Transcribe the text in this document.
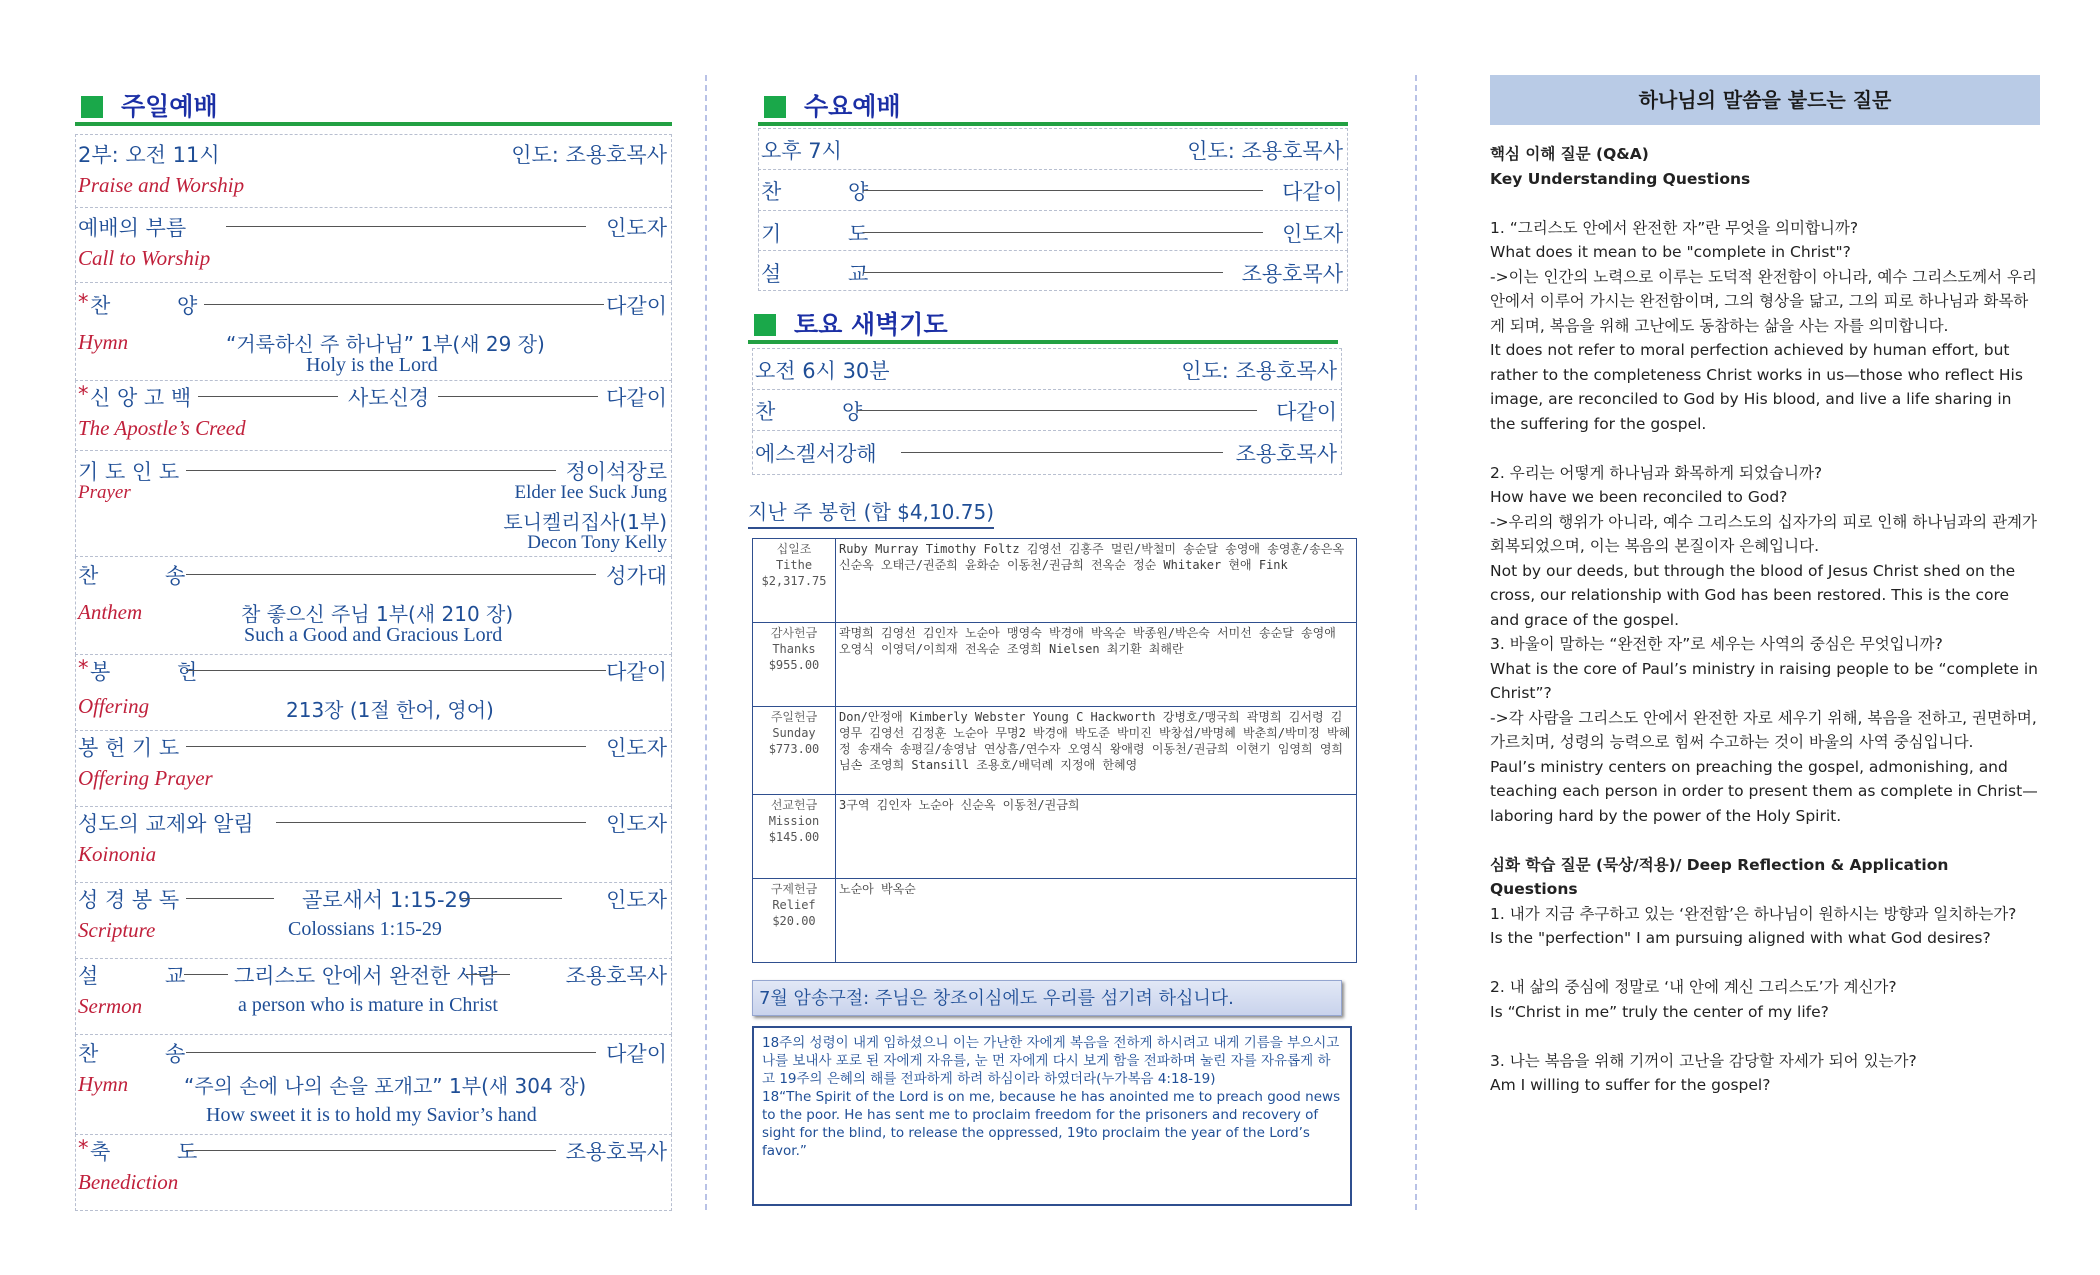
주일예배
2부: 오전 11시	인도: 조용호목사
Praise and Worship
예배의 부름	인도자
Call to Worship
* 찬          양	다같이
Hymn	“거룩하신 주 하나님” 1부(새 29 장)
Holy is the Lord
* 신 앙 고 백	사도신경	다같이
The Apostle’s Creed
기 도 인 도	정이석장로
Prayer	Elder Iee Suck Jung
토니켈리집사(1부)
Decon Tony Kelly
찬          송	성가대
Anthem	참 좋으신 주님 1부(새 210 장)
Such a Good and Gracious Lord
* 봉          헌	다같이
Offering	213장 (1절 한어, 영어)
봉 헌 기 도	인도자
Offering Prayer
성도의 교제와 알림	인도자
Koinonia
성 경 봉 독	골로새서 1:15-29	인도자
Scripture	Colossians 1:15-29
설          교 그리스도 안에서 완전한 사람	조용호목사
Sermon	a person who is mature in Christ
찬          송	다같이
Hymn	“주의 손에 나의 손을 포개고” 1부(새 304 장)
How sweet it is to hold my Savior’s hand
* 축          도	조용호목사
Benediction
수요예배
오후 7시	인도: 조용호목사
찬          양	다같이
기          도	인도자
설          교	조용호목사
토요 새벽기도
오전 6시 30분	인도: 조용호목사
찬          양	다같이
에스겔서강해	조용호목사
지난 주 봉헌 (합 $4,10.75)
십일조
Tithe
$2,317.75	Ruby Murray Timothy Foltz 김영선 김홍주 멀린/박철미 송순달 송영애 송영훈/송은옥 신순옥 오태근/권준희 윤화순 이동천/권금희 전옥순 정순 Whitaker 현애 Fink

감사헌금
Thanks
$955.00	곽명희 김영선 김인자 노순아 맹영숙 박경애 박옥순 박종원/박은숙 서미선 송순달 송영애 오영식 이영덕/이희재 전옥순 조영희 Nielsen 최기환 최해란

주일헌금
Sunday
$773.00	Don/안정애 Kimberly Webster Young C Hackworth 강병호/맹국희 곽명희 김서령 김영무 김영선 김정훈 노순아 무명2 박경애 박도준 박미진 박창섭/박명혜 박춘희/박미정 박혜정 송재숙 송평길/송영남 연상흠/연수자 오영식 왕애령 이동천/권금희 이현기 임영희 영희님손 조영희 Stansill 조용호/배덕례 지정애 한혜영

선교헌금
Mission
$145.00	3구역 김인자 노순아 신순옥 이동천/권금희

구제헌금
Relief
$20.00	노순아 박옥순
7월 암송구절: 주님은 창조이심에도 우리를 섬기려 하십니다.
18주의 성령이 내게 임하셨으니 이는 가난한 자에게 복음을 전하게 하시려고 내게 기름을 부으시고 나를 보내사 포로 된 자에게 자유를, 눈 먼 자에게 다시 보게 함을 전파하며 눌린 자를 자유롭게 하고 19주의 은혜의 해를 전파하게 하려 하심이라 하였더라(누가복음 4:18-19)
18“The Spirit of the Lord is on me, because he has anointed me to preach good news to the poor. He has sent me to proclaim freedom for the prisoners and recovery of sight for the blind, to release the oppressed, 19to proclaim the year of the Lord’s favor.”
하나님의 말씀을 붙드는 질문

핵심 이해 질문 (Q&A)

Key Understanding Questions

1. “그리스도 안에서 완전한 자”란 무엇을 의미합니까?

What does it mean to be "complete in Christ"?

->이는 인간의 노력으로 이루는 도덕적 완전함이 아니라, 예수 그리스도께서 우리 안에서 이루어 가시는 완전함이며, 그의 형상을 닮고, 그의 피로 하나님과 화목하게 되며, 복음을 위해 고난에도 동참하는 삶을 사는 자를 의미합니다.

It does not refer to moral perfection achieved by human effort, but rather to the completeness Christ works in us—those who reflect His image, are reconciled to God by His blood, and live a life sharing in the suffering for the gospel.

2. 우리는 어떻게 하나님과 화목하게 되었습니까?

How have we been reconciled to God?

->우리의 행위가 아니라, 예수 그리스도의 십자가의 피로 인해 하나님과의 관계가 회복되었으며, 이는 복음의 본질이자 은혜입니다.

Not by our deeds, but through the blood of Jesus Christ shed on the cross, our relationship with God has been restored. This is the core and grace of the gospel.

3. 바울이 말하는 “완전한 자”로 세우는 사역의 중심은 무엇입니까?

What is the core of Paul’s ministry in raising people to be “complete in Christ”?

->각 사람을 그리스도 안에서 완전한 자로 세우기 위해, 복음을 전하고, 권면하며, 가르치며, 성령의 능력으로 힘써 수고하는 것이 바울의 사역 중심입니다.

Paul’s ministry centers on preaching the gospel, admonishing, and teaching each person in order to present them as complete in Christ—laboring hard by the power of the Holy Spirit.

심화 학습 질문 (묵상/적용)/ Deep Reflection & Application Questions

1. 내가 지금 추구하고 있는 ‘완전함’은 하나님이 원하시는 방향과 일치하는가?

Is the "perfection" I am pursuing aligned with what God desires?

2. 내 삶의 중심에 정말로 ‘내 안에 계신 그리스도’가 계신가?

Is “Christ in me” truly the center of my life?

3. 나는 복음을 위해 기꺼이 고난을 감당할 자세가 되어 있는가?

Am I willing to suffer for the gospel?
